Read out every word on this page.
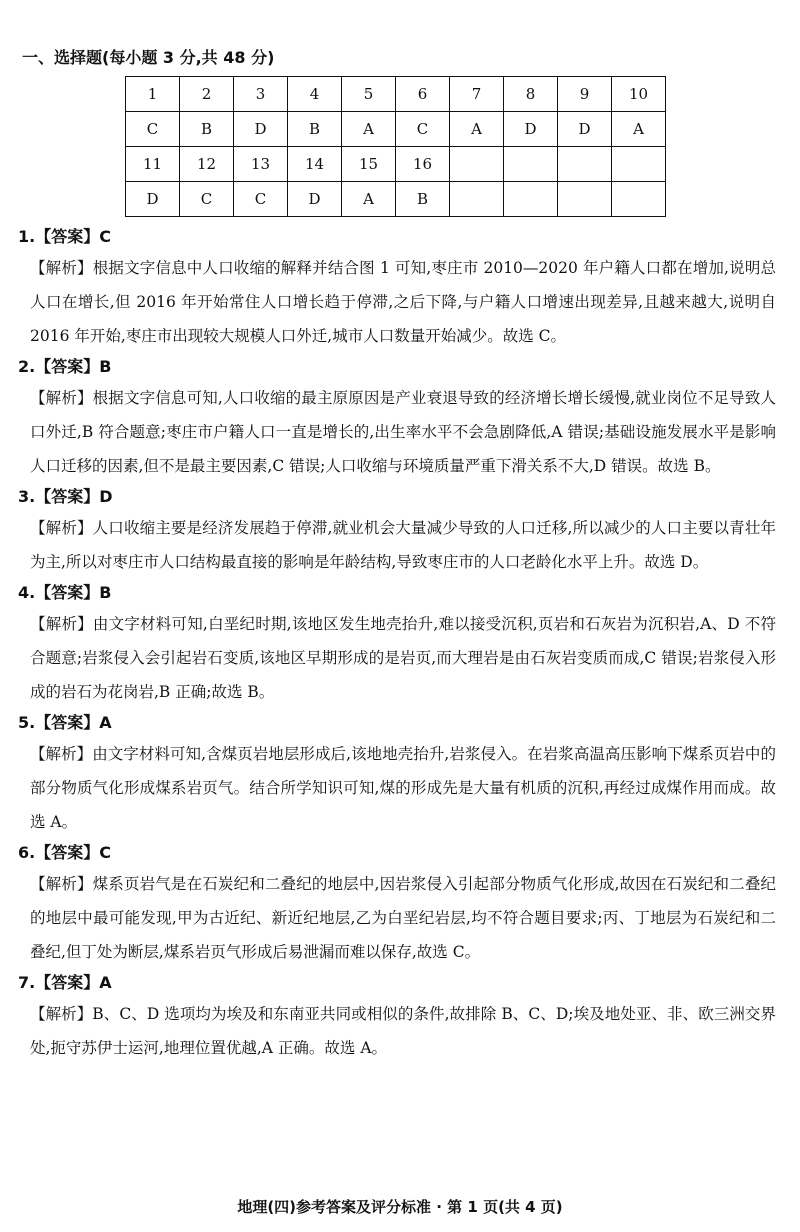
一、选择题(每小题 3 分,共 48 分)
1	2	3	4	5	6	7	8	9	10
C	B	D	B	A	C	A	D	D	A
11	12	13	14	15	16				
D	C	C	D	A	B				
1.【答案】C

【解析】根据文字信息中人口收缩的解释并结合图 1 可知,枣庄市 2010—2020 年户籍人口都在增加,说明总人口在增长,但 2016 年开始常住人口增长趋于停滞,之后下降,与户籍人口增速出现差异,且越来越大,说明自 2016 年开始,枣庄市出现较大规模人口外迁,城市人口数量开始减少。故选 C。

2.【答案】B

【解析】根据文字信息可知,人口收缩的最主原原因是产业衰退导致的经济增长增长缓慢,就业岗位不足导致人口外迁,B 符合题意;枣庄市户籍人口一直是增长的,出生率水平不会急剧降低,A 错误;基础设施发展水平是影响人口迁移的因素,但不是最主要因素,C 错误;人口收缩与环境质量严重下滑关系不大,D 错误。故选 B。

3.【答案】D

【解析】人口收缩主要是经济发展趋于停滞,就业机会大量减少导致的人口迁移,所以减少的人口主要以青壮年为主,所以对枣庄市人口结构最直接的影响是年龄结构,导致枣庄市的人口老龄化水平上升。故选 D。

4.【答案】B

【解析】由文字材料可知,白垩纪时期,该地区发生地壳抬升,难以接受沉积,页岩和石灰岩为沉积岩,A、D 不符合题意;岩浆侵入会引起岩石变质,该地区早期形成的是岩页,而大理岩是由石灰岩变质而成,C 错误;岩浆侵入形成的岩石为花岗岩,B 正确;故选 B。

5.【答案】A

【解析】由文字材料可知,含煤页岩地层形成后,该地地壳抬升,岩浆侵入。在岩浆高温高压影响下煤系页岩中的部分物质气化形成煤系岩页气。结合所学知识可知,煤的形成先是大量有机质的沉积,再经过成煤作用而成。故选 A。

6.【答案】C

【解析】煤系页岩气是在石炭纪和二叠纪的地层中,因岩浆侵入引起部分物质气化形成,故因在石炭纪和二叠纪的地层中最可能发现,甲为古近纪、新近纪地层,乙为白垩纪岩层,均不符合题目要求;丙、丁地层为石炭纪和二叠纪,但丁处为断层,煤系岩页气形成后易泄漏而难以保存,故选 C。

7.【答案】A

【解析】B、C、D 选项均为埃及和东南亚共同或相似的条件,故排除 B、C、D;埃及地处亚、非、欧三洲交界处,扼守苏伊士运河,地理位置优越,A 正确。故选 A。

地理(四)参考答案及评分标准 · 第 1 页(共 4 页)
